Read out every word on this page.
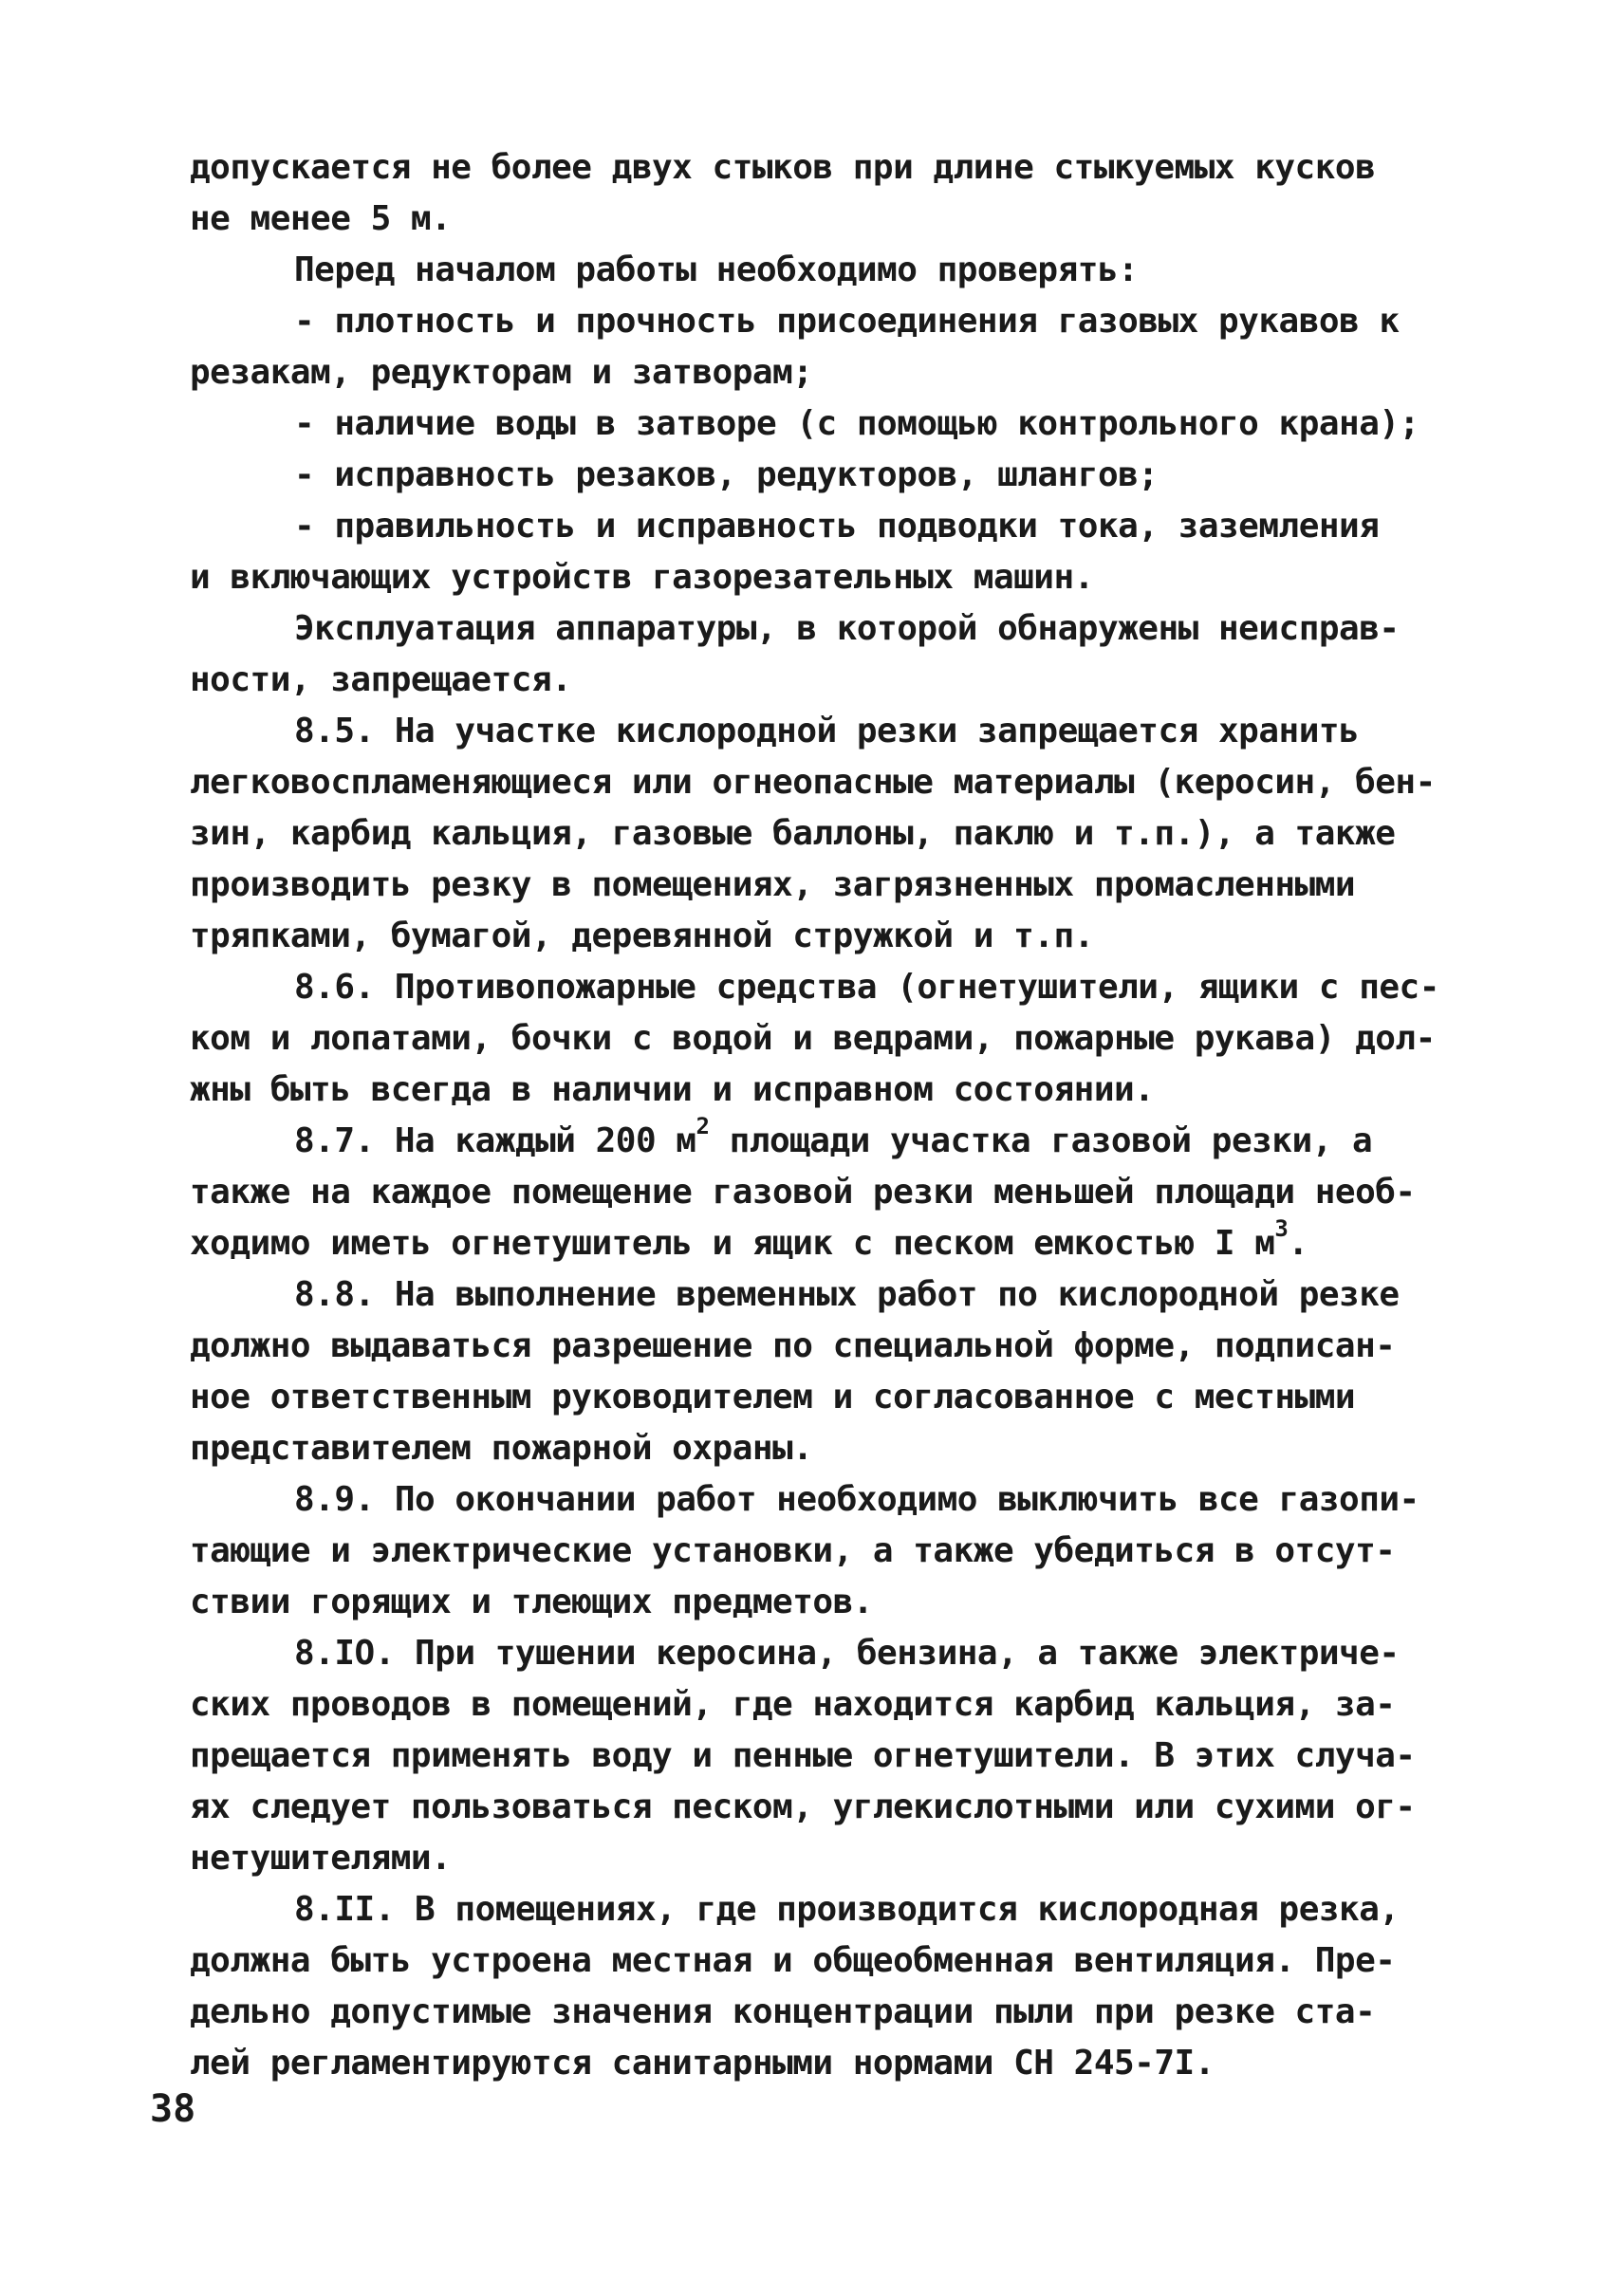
допускается не более двух стыков при длине стыкуемых кусков
не менее 5 м.
Перед началом работы необходимо проверять:
- плотность и прочность присоединения газовых рукавов к
резакам, редукторам и затворам;
- наличие воды в затворе (с помощью контрольного крана);
- исправность резаков, редукторов, шлангов;
- правильность и исправность подводки тока, заземления
и включающих устройств газорезательных машин.
Эксплуатация аппаратуры, в которой обнаружены неисправ-
ности, запрещается.
8.5. На участке кислородной резки запрещается хранить
легковоспламеняющиеся или огнеопасные материалы (керосин, бен-
зин, карбид кальция, газовые баллоны, паклю и т.п.), а также
производить резку в помещениях, загрязненных промасленными
тряпками, бумагой, деревянной стружкой и т.п.
8.6. Противопожарные средства (огнетушители, ящики с пес-
ком и лопатами, бочки с водой и ведрами, пожарные рукава) дол-
жны быть всегда в наличии и исправном состоянии.
8.7. На каждый 200 $м^2$ площади участка газовой резки, а
также на каждое помещение газовой резки меньшей площади необ-
ходимо иметь огнетушитель и ящик с песком емкостью I $м^3$.
8.8. На выполнение временных работ по кислородной резке
должно выдаваться разрешение по специальной форме, подписан-
ное ответственным руководителем и согласованное с местными
представителем пожарной охраны.
8.9. По окончании работ необходимо выключить все газопи-
тающие и электрические установки, а также убедиться в отсут-
ствии горящих и тлеющих предметов.
8.IO. При тушении керосина, бензина, а также электриче-
ских проводов в помещений, где находится карбид кальция, за-
прещается применять воду и пенные огнетушители. В этих случа-
ях следует пользоваться песком, углекислотными или сухими ог-
нетушителями.
8.II. В помещениях, где производится кислородная резка,
должна быть устроена местная и общеобменная вентиляция. Пре-
дельно допустимые значения концентрации пыли при резке ста-
лей регламентируются санитарными нормами СН 245-7I.
38
